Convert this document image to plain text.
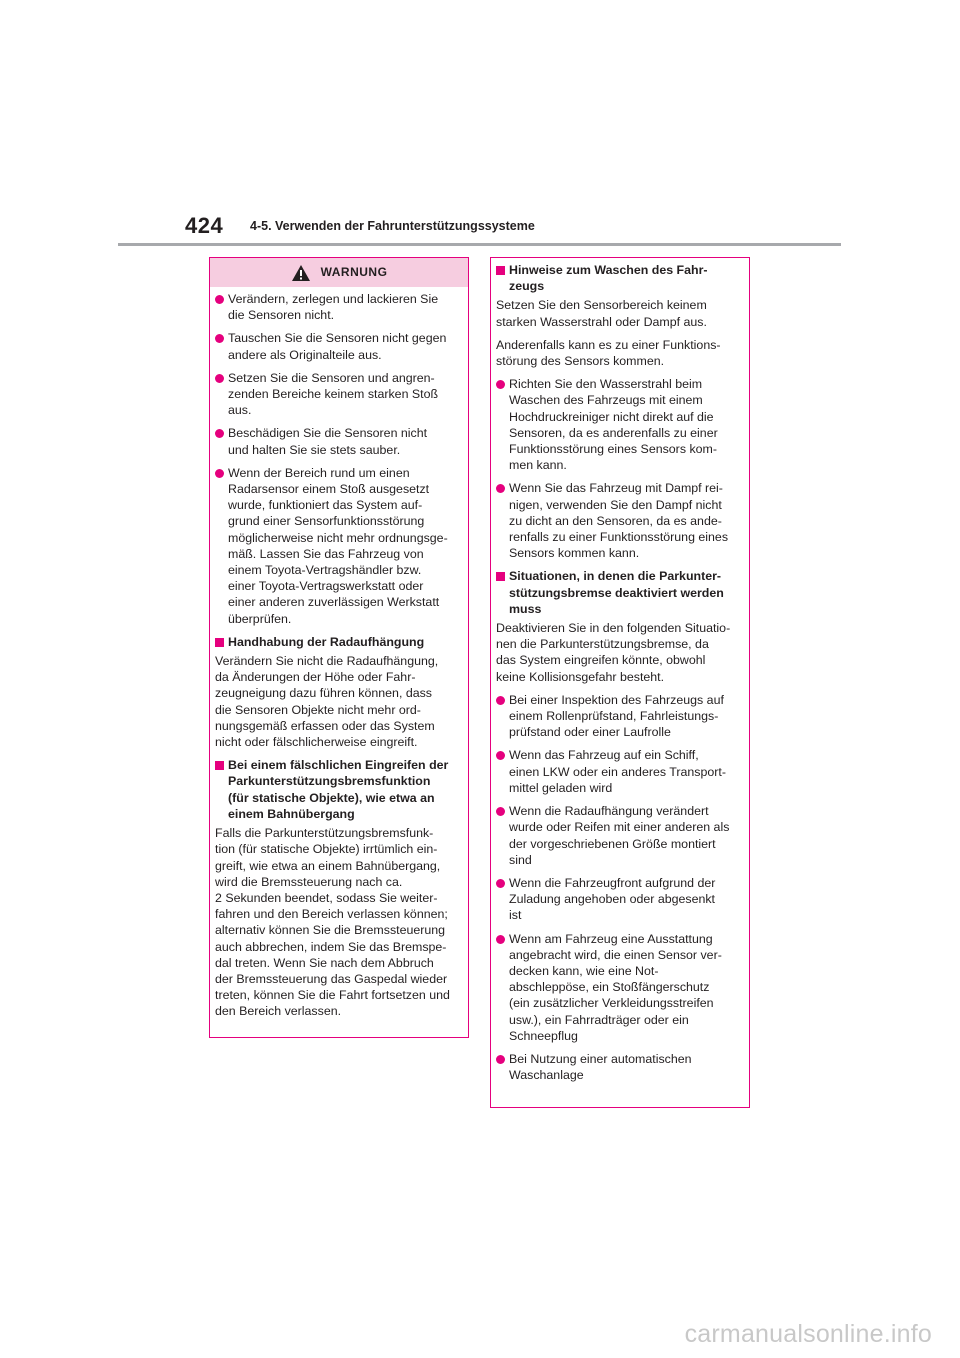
424 4-5. Verwenden der Fahrunterstützungssysteme
WARNUNG
Verändern, zerlegen und lackieren Sie
die Sensoren nicht.
Tauschen Sie die Sensoren nicht gegen
andere als Originalteile aus.
Setzen Sie die Sensoren und angren-
zenden Bereiche keinem starken Stoß
aus.
Beschädigen Sie die Sensoren nicht
und halten Sie sie stets sauber.
Wenn der Bereich rund um einen
Radarsensor einem Stoß ausgesetzt
wurde, funktioniert das System auf-
grund einer Sensorfunktionsstörung
möglicherweise nicht mehr ordnungsge-
mäß. Lassen Sie das Fahrzeug von
einem Toyota-Vertragshändler bzw.
einer Toyota-Vertragswerkstatt oder
einer anderen zuverlässigen Werkstatt
überprüfen.
Handhabung der Radaufhängung
Verändern Sie nicht die Radaufhängung,
da Änderungen der Höhe oder Fahr-
zeugneigung dazu führen können, dass
die Sensoren Objekte nicht mehr ord-
nungsgemäß erfassen oder das System
nicht oder fälschlicherweise eingreift.
Bei einem fälschlichen Eingreifen der
Parkunterstützungsbremsfunktion
(für statische Objekte), wie etwa an
einem Bahnübergang
Falls die Parkunterstützungsbremsfunk-
tion (für statische Objekte) irrtümlich ein-
greift, wie etwa an einem Bahnübergang,
wird die Bremssteuerung nach ca.
2 Sekunden beendet, sodass Sie weiter-
fahren und den Bereich verlassen können;
alternativ können Sie die Bremssteuerung
auch abbrechen, indem Sie das Bremspe-
dal treten. Wenn Sie nach dem Abbruch
der Bremssteuerung das Gaspedal wieder
treten, können Sie die Fahrt fortsetzen und
den Bereich verlassen.
Hinweise zum Waschen des Fahr-
zeugs
Setzen Sie den Sensorbereich keinem
starken Wasserstrahl oder Dampf aus.
Anderenfalls kann es zu einer Funktions-
störung des Sensors kommen.
Richten Sie den Wasserstrahl beim
Waschen des Fahrzeugs mit einem
Hochdruckreiniger nicht direkt auf die
Sensoren, da es anderenfalls zu einer
Funktionsstörung eines Sensors kom-
men kann.
Wenn Sie das Fahrzeug mit Dampf rei-
nigen, verwenden Sie den Dampf nicht
zu dicht an den Sensoren, da es ande-
renfalls zu einer Funktionsstörung eines
Sensors kommen kann.
Situationen, in denen die Parkunter-
stützungsbremse deaktiviert werden
muss
Deaktivieren Sie in den folgenden Situatio-
nen die Parkunterstützungsbremse, da
das System eingreifen könnte, obwohl
keine Kollisionsgefahr besteht.
Bei einer Inspektion des Fahrzeugs auf
einem Rollenprüfstand, Fahrleistungs-
prüfstand oder einer Laufrolle
Wenn das Fahrzeug auf ein Schiff,
einen LKW oder ein anderes Transport-
mittel geladen wird
Wenn die Radaufhängung verändert
wurde oder Reifen mit einer anderen als
der vorgeschriebenen Größe montiert
sind
Wenn die Fahrzeugfront aufgrund der
Zuladung angehoben oder abgesenkt
ist
Wenn am Fahrzeug eine Ausstattung
angebracht wird, die einen Sensor ver-
decken kann, wie eine Not-
abschleppöse, ein Stoßfängerschutz
(ein zusätzlicher Verkleidungsstreifen
usw.), ein Fahrradträger oder ein
Schneepflug
Bei Nutzung einer automatischen
Waschanlage
carmanualsonline.info
